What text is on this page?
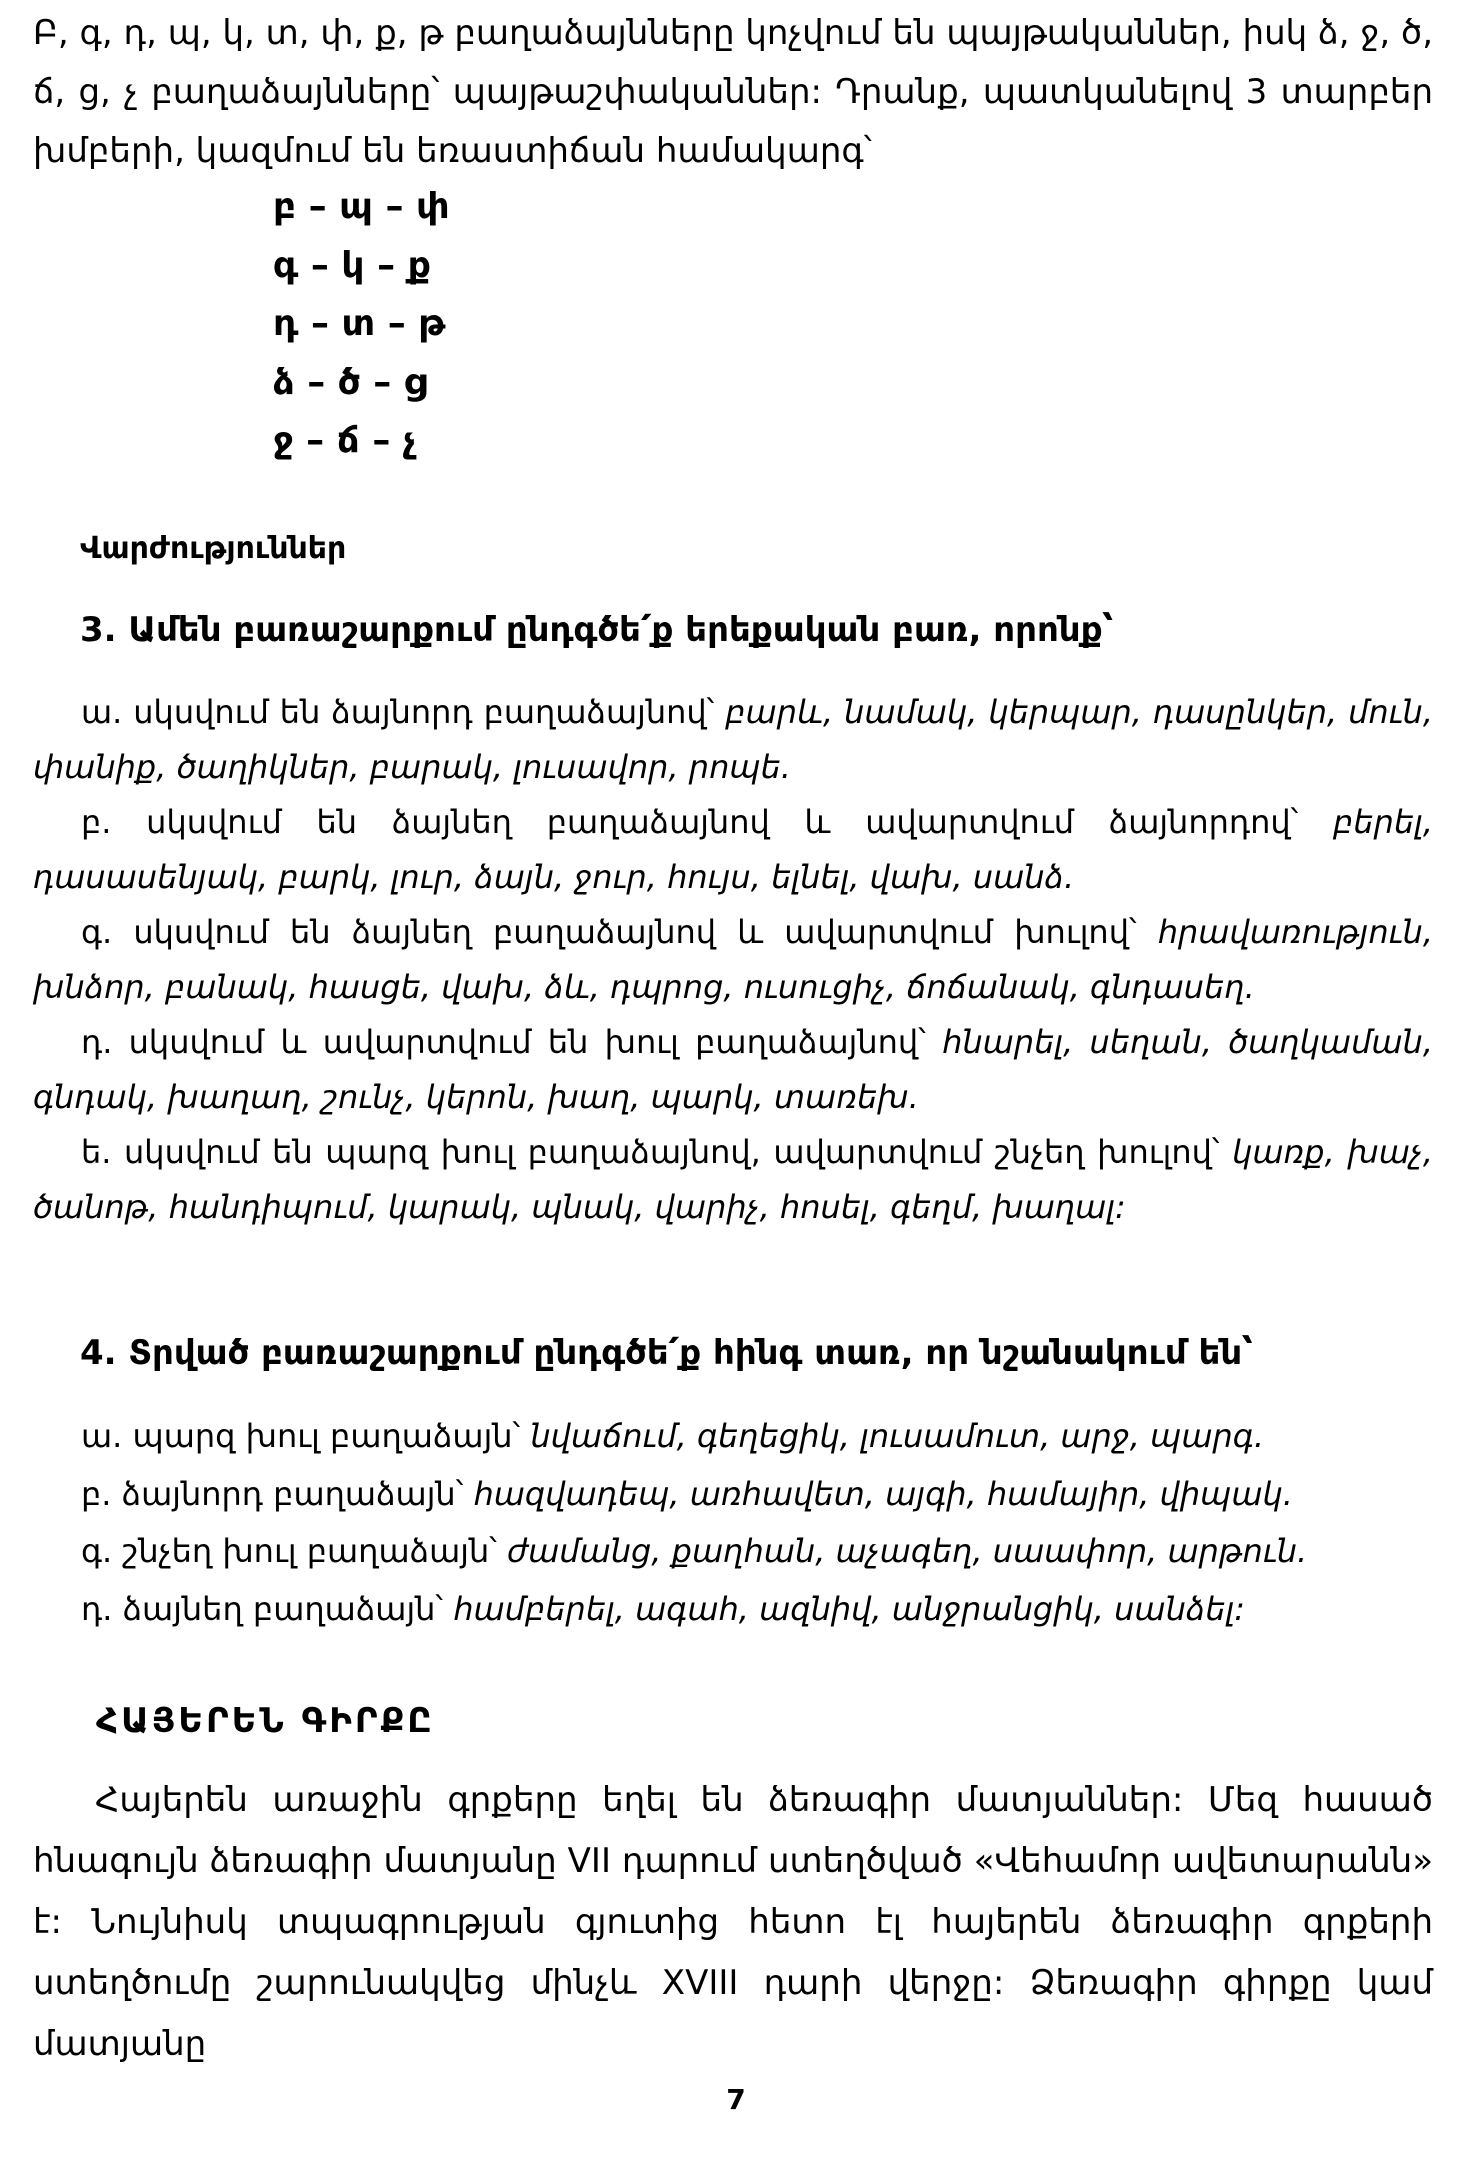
Բ, գ, դ, պ, կ, տ, փ, ք, թ բաղաձայնները կոչվում են պայթականներ, իսկ ձ, ջ, ծ, ճ, ց, չ բաղաձայնները՝ պայթաշփականներ: Դրանք, պատկանելով 3 տարբեր խմբերի, կազմում են եռաստիճան համակարգ՝

բ – պ – փ
գ – կ – ք
դ – տ – թ
ձ – ծ – ց
ջ – ճ – չ
Վարժություններ
3. Ամեն բառաշարքում ընդգծե՛ք երեքական բառ, որոնք՝
ա. սկսվում են ձայնորդ բաղաձայնով՝ բարև, նամակ, կերպար, դասընկեր, մուն, փանիք, ծաղիկներ, բարակ, լուսավոր, րոպե.
բ. սկսվում են ձայնեղ բաղաձայնով և ավարտվում ձայնորդով՝ բերել, դասասենյակ, բարկ, լուր, ձայն, ջուր, հույս, ելնել, վախ, սանձ.
գ. սկսվում են ձայնեղ բաղաձայնով և ավարտվում խուլով՝ հրավառություն, խնձոր, բանակ, հասցե, վախ, ձև, դպրոց, ուսուցիչ, ճոճանակ, գնդասեղ.
դ. սկսվում և ավարտվում են խուլ բաղաձայնով՝ հնարել, սեղան, ծաղկաման, գնդակ, խաղաղ, շունչ, կերոն, խաղ, պարկ, տառեխ.
ե. սկսվում են պարզ խուլ բաղաձայնով, ավարտվում շնչեղ խուլով՝ կառք, խաչ, ծանոթ, հանդիպում, կարակ, պնակ, վարիչ, հոսել, գեղմ, խաղալ:
4. Տրված բառաշարքում ընդգծե՛ք հինգ տառ, որ նշանակում են՝
ա. պարզ խուլ բաղաձայն՝ նվաճում, գեղեցիկ, լուսամուտ, արջ, պարգ.
բ. ձայնորդ բաղաձայն՝ հազվադեպ, առհավետ, այգի, համայիր, վիպակ.
գ. շնչեղ խուլ բաղաձայն՝ ժամանց, քաղհան, աչագեղ, սաափոր, արթուն.
դ. ձայնեղ բաղաձայն՝ համբերել, ագահ, ազնիվ, անջրանցիկ, սանձել:
ՀԱՅԵՐԵՆ ԳԻՐՔԸ

Հայերեն առաջին գրքերը եղել են ձեռագիր մատյաններ: Մեզ հասած հնագույն ձեռագիր մատյանը VII դարում ստեղծված «Վեհամոր ավետարանն» է: Նույնիսկ տպագրության գյուտից հետո էլ հայերեն ձեռագիր գրքերի ստեղծումը շարունակվեց մինչև XVIII դարի վերջը: Ձեռագիր գիրքը կամ մատյանը

7
